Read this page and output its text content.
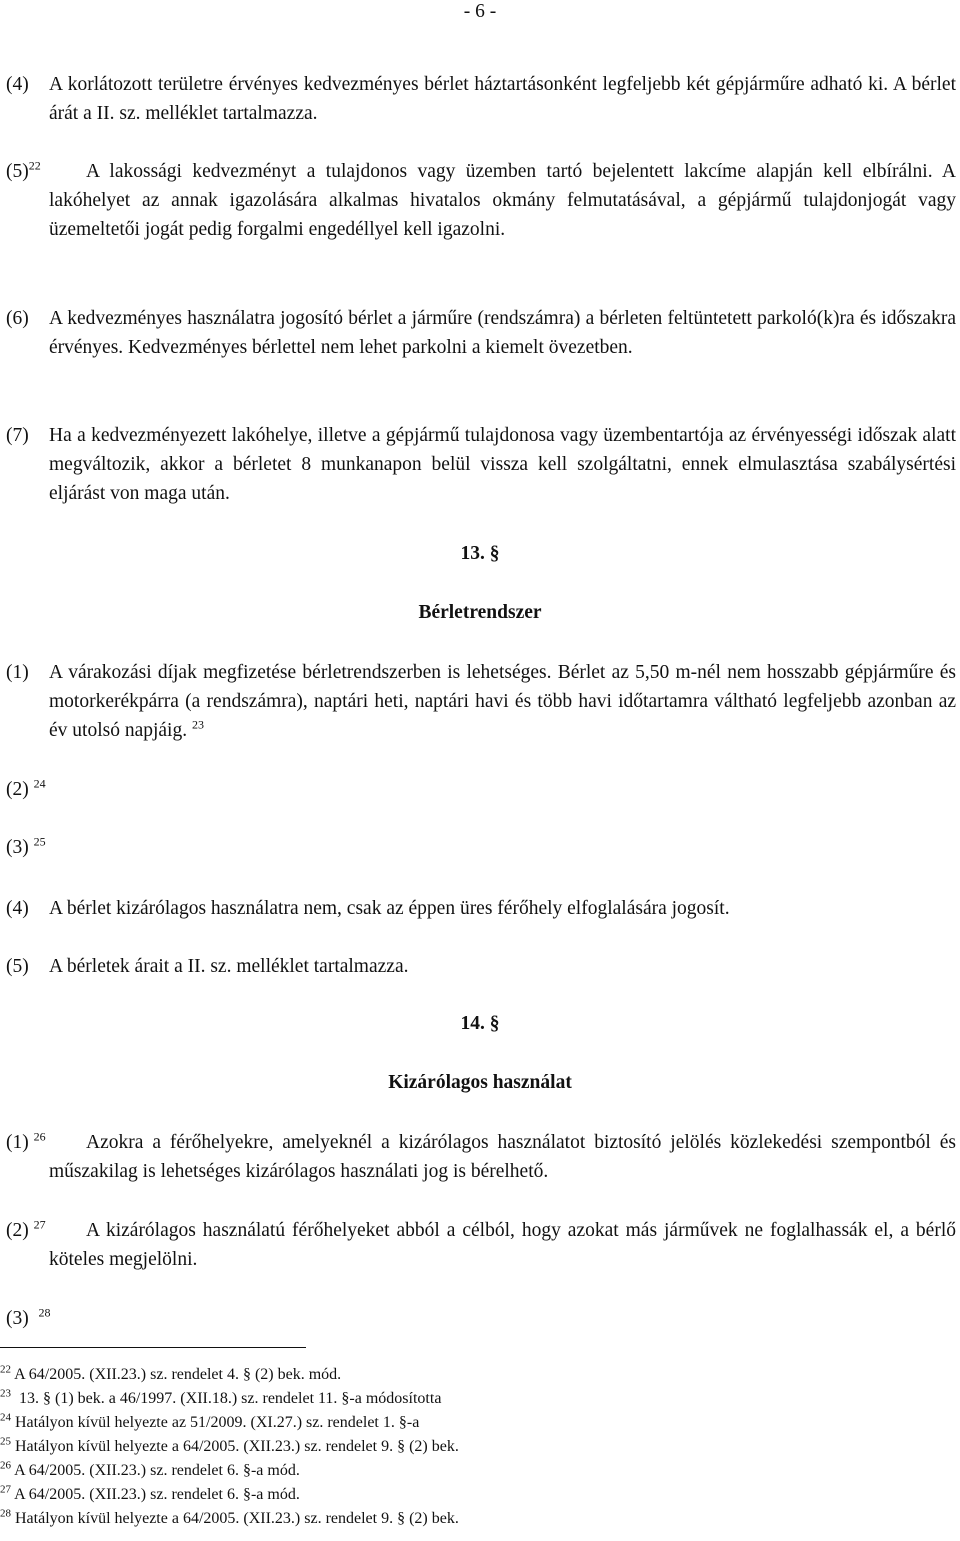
- 6 -
(4)	A korlátozott területre érvényes kedvezményes bérlet háztartásonként legfeljebb két gépjárműre adható ki. A bérlet árát a II. sz. melléklet tartalmazza.
$(5)^{22}$	A lakossági kedvezményt a tulajdonos vagy üzemben tartó bejelentett lakcíme alapján kell elbírálni. A lakóhelyet az annak igazolására alkalmas hivatalos okmány felmutatásával, a gépjármű tulajdonjogát vagy üzemeltetői jogát pedig forgalmi engedéllyel kell igazolni.
(6)	A kedvezményes használatra jogosító bérlet a járműre (rendszámra) a bérleten feltüntetett parkoló(k)ra és időszakra érvényes. Kedvezményes bérlettel nem lehet parkolni a kiemelt övezetben.
(7)	Ha a kedvezményezett lakóhelye, illetve a gépjármű tulajdonosa vagy üzembentartója az érvényességi időszak alatt megváltozik, akkor a bérletet 8 munkanapon belül vissza kell szolgáltatni, ennek elmulasztása szabálysértési eljárást von maga után.
13. §
Bérletrendszer
(1)	A várakozási díjak megfizetése bérletrendszerben is lehetséges. Bérlet az 5,50 m-nél nem hosszabb gépjárműre és motorkerékpárra (a rendszámra), naptári heti, naptári havi és több havi időtartamra váltható legfeljebb azonban az év utolsó napjáig. $^{23}$
(2) $^{24}$
(3) $^{25}$
(4)	A bérlet kizárólagos használatra nem, csak az éppen üres férőhely elfoglalására jogosít.
(5)	A bérletek árait a II. sz. melléklet tartalmazza.
14. §
Kizárólagos használat
(1) $^{26}$	Azokra a férőhelyekre, amelyeknél a kizárólagos használatot biztosító jelölés közlekedési szempontból és műszakilag is lehetséges kizárólagos használati jog is bérelhető.
(2) $^{27}$	A kizárólagos használatú férőhelyeket abból a célból, hogy azokat más járművek ne foglalhassák el, a bérlő köteles megjelölni.
(3) $^{28}$
$^{22}$ A 64/2005. (XII.23.) sz. rendelet 4. § (2) bek. mód.
$^{23}$ 13. § (1) bek. a 46/1997. (XII.18.) sz. rendelet 11. §-a módosította
$^{24}$ Hatályon kívül helyezte az 51/2009. (XI.27.) sz. rendelet 1. §-a
$^{25}$ Hatályon kívül helyezte a 64/2005. (XII.23.) sz. rendelet 9. § (2) bek.
$^{26}$ A 64/2005. (XII.23.) sz. rendelet 6. §-a mód.
$^{27}$ A 64/2005. (XII.23.) sz. rendelet 6. §-a mód.
$^{28}$ Hatályon kívül helyezte a 64/2005. (XII.23.) sz. rendelet 9. § (2) bek.
